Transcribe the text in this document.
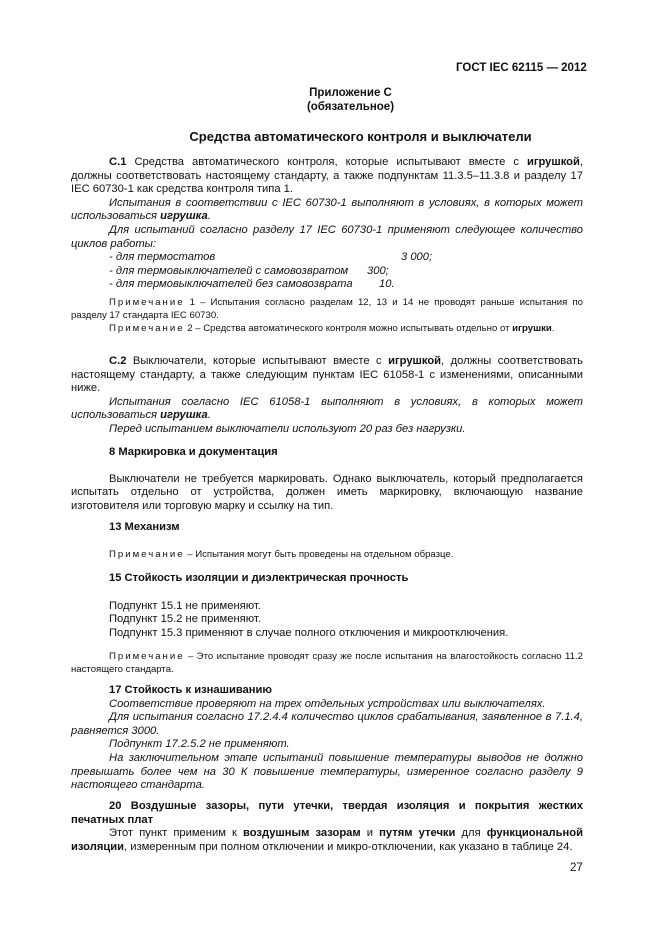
ГОСТ IEC 62115 — 2012
Приложение С
(обязательное)
Средства автоматического контроля и выключатели

С.1 Средства автоматического контроля, которые испытывают вместе с игрушкой, должны соответствовать настоящему стандарту, а также подпунктам 11.3.5–11.3.8 и разделу 17 IEC 60730-1 как средства контроля типа 1.

Испытания в соответствии с IEC 60730-1 выполняют в условиях, в которых может использоваться игрушка.

Для испытаний согласно разделу 17 IEC 60730-1 применяют следующее количество циклов работы:

- для термостатов	3 000;
- для термовыключателей с самовозвратом	300;
- для термовыключателей без самовозврата	10.

Примечание 1 – Испытания согласно разделам 12, 13 и 14 не проводят раньше испытания по разделу 17 стандарта IEC 60730.

Примечание 2 – Средства автоматического контроля можно испытывать отдельно от игрушки.

С.2 Выключатели, которые испытывают вместе с игрушкой, должны соответствовать настоящему стандарту, а также следующим пунктам IEC 61058-1 с изменениями, описанными ниже.

Испытания согласно IEC 61058-1 выполняют в условиях, в которых может использоваться игрушка.

Перед испытанием выключатели используют 20 раз без нагрузки.

8 Маркировка и документация

Выключатели не требуется маркировать. Однако выключатель, который предполагается испытать отдельно от устройства, должен иметь маркировку, включающую название изготовителя или торговую марку и ссылку на тип.

13 Механизм

Примечание – Испытания могут быть проведены на отдельном образце.

15 Стойкость изоляции и диэлектрическая прочность

Подпункт 15.1 не применяют.

Подпункт 15.2 не применяют.

Подпункт 15.3 применяют в случае полного отключения и микроотключения.

Примечание – Это испытание проводят сразу же после испытания на влагостойкость согласно 11.2 настоящего стандарта.

17 Стойкость к изнашиванию

Соответствие проверяют на трех отдельных устройствах или выключателях.

Для испытания согласно 17.2.4.4 количество циклов срабатывания, заявленное в 7.1.4, равняется 3000.

Подпункт 17.2.5.2 не применяют.

На заключительном этапе испытаний повышение температуры выводов не должно превышать более чем на 30 К повышение температуры, измеренное согласно разделу 9 настоящего стандарта.

20 Воздушные зазоры, пути утечки, твердая изоляция и покрытия жестких печатных плат

Этот пункт применим к воздушным зазорам и путям утечки для функциональной изоляции, измеренным при полном отключении и микро-отключении, как указано в таблице 24.

27
